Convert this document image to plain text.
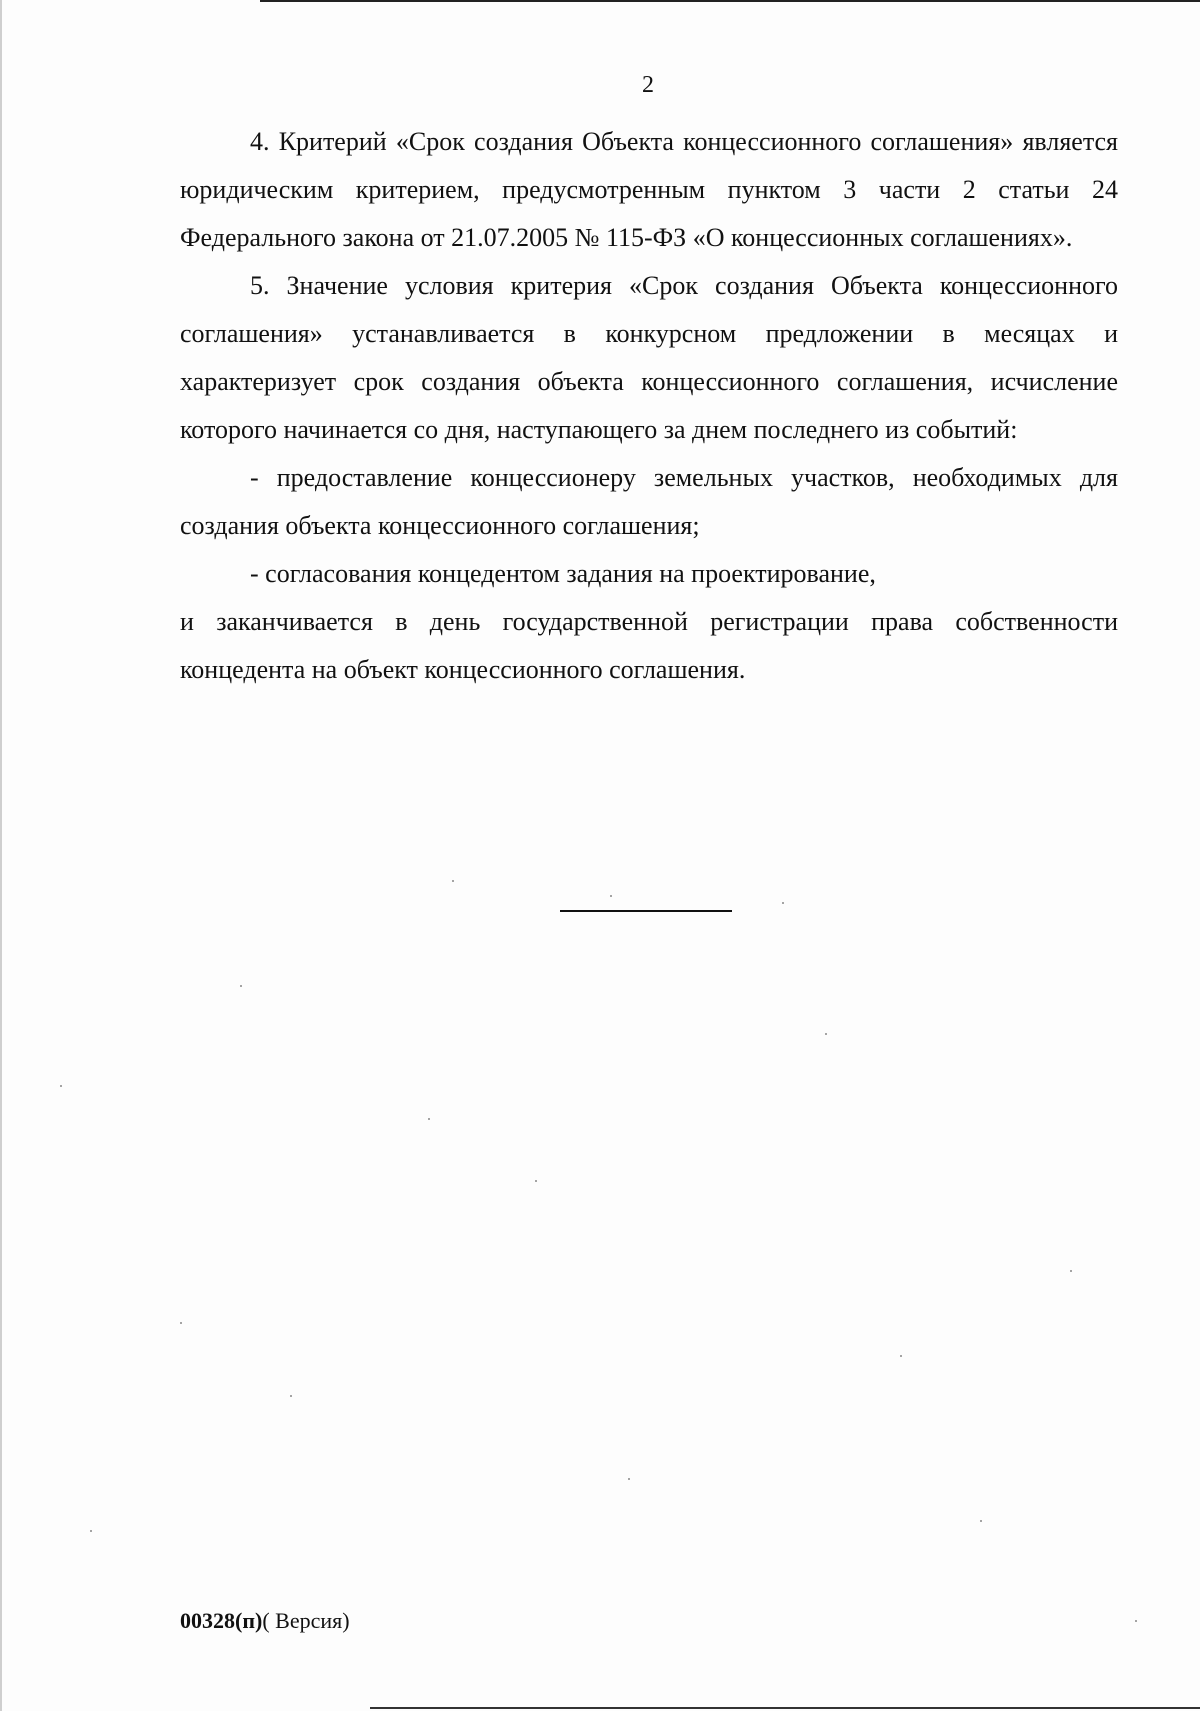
2

4. Критерий «Срок создания Объекта концессионного соглашения» является юридическим критерием, предусмотренным пунктом 3 части 2 статьи 24 Федерального закона от 21.07.2005 № 115-ФЗ «О концессионных соглашениях».

5. Значение условия критерия «Срок создания Объекта концессионного соглашения» устанавливается в конкурсном предложении в месяцах и характеризует срок создания объекта концессионного соглашения, исчисление которого начинается со дня, наступающего за днем последнего из событий:

- предоставление концессионеру земельных участков, необходимых для создания объекта концессионного соглашения;

- согласования концедентом задания на проектирование,

и заканчивается в день государственной регистрации права собственности концедента на объект концессионного соглашения.

00328(п)( Версия)
